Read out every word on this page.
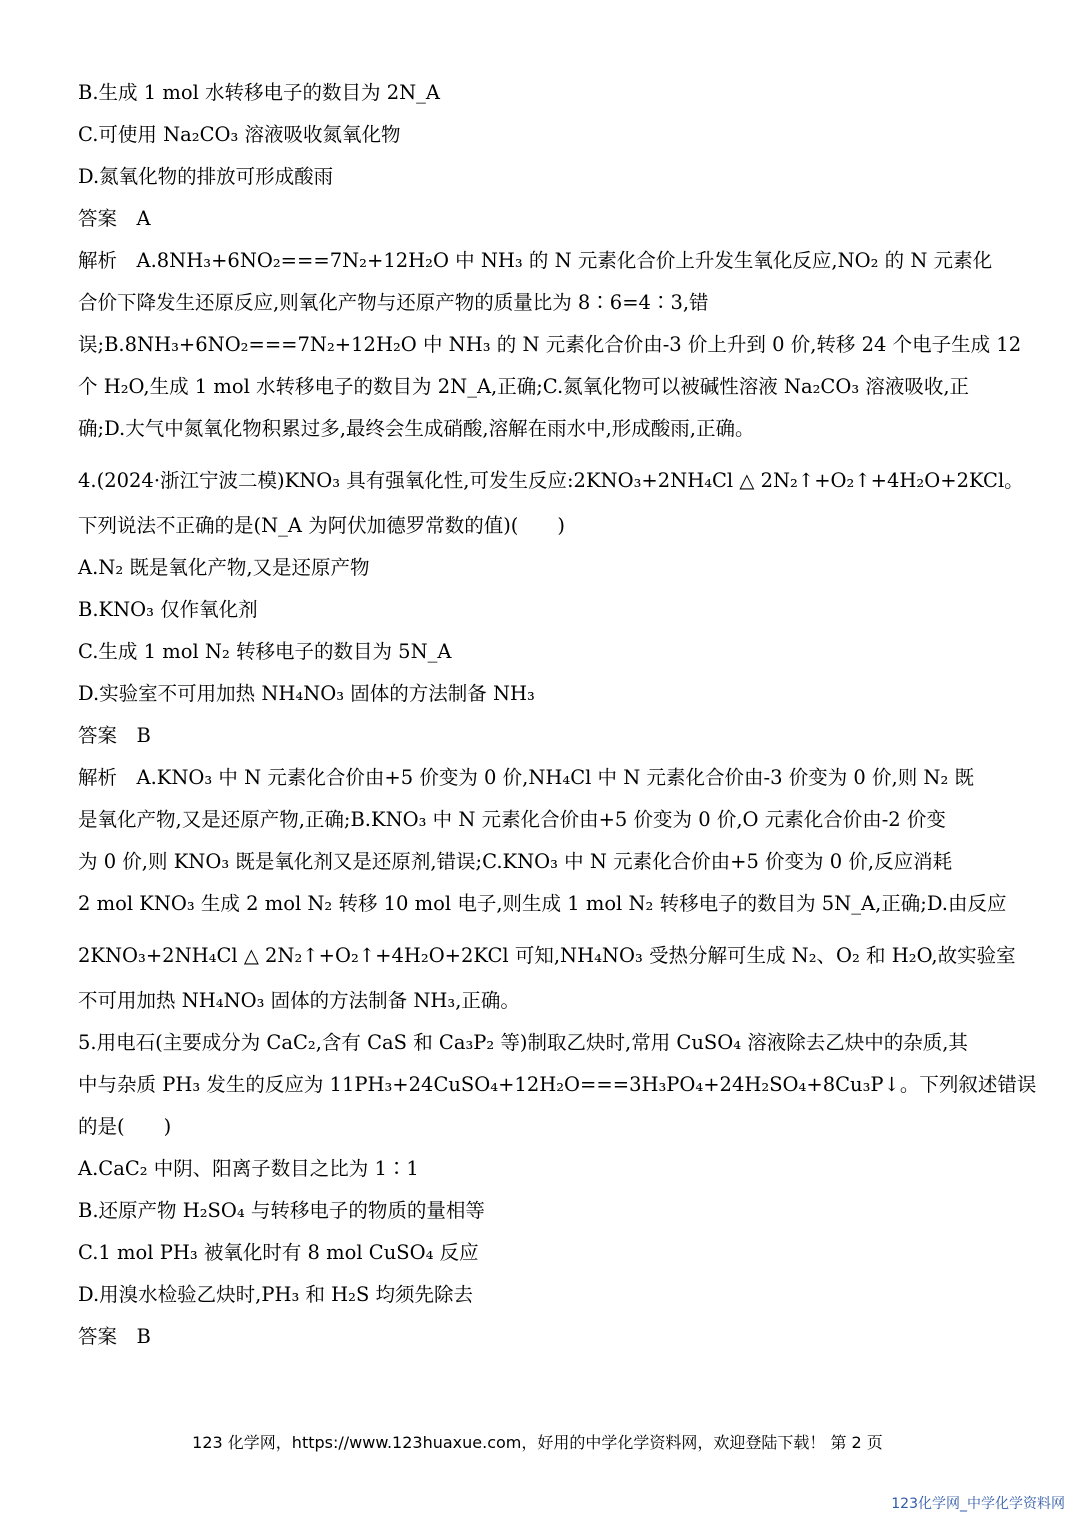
B.生成 1 mol 水转移电子的数目为 2N_A
C.可使用 Na₂CO₃ 溶液吸收氮氧化物
D.氮氧化物的排放可形成酸雨
答案　A
解析　A.8NH₃+6NO₂===7N₂+12H₂O 中 NH₃ 的 N 元素化合价上升发生氧化反应,NO₂ 的 N 元素化
合价下降发生还原反应,则氧化产物与还原产物的质量比为 8∶6=4∶3,错
误;B.8NH₃+6NO₂===7N₂+12H₂O 中 NH₃ 的 N 元素化合价由-3 价上升到 0 价,转移 24 个电子生成 12
个 H₂O,生成 1 mol 水转移电子的数目为 2N_A,正确;C.氮氧化物可以被碱性溶液 Na₂CO₃ 溶液吸收,正
确;D.大气中氮氧化物积累过多,最终会生成硝酸,溶解在雨水中,形成酸雨,正确。
4.(2024·浙江宁波二模)KNO₃ 具有强氧化性,可发生反应:2KNO₃+2NH₄Cl △ 2N₂↑+O₂↑+4H₂O+2KCl。
下列说法不正确的是(N_A 为阿伏加德罗常数的值)(　　)
A.N₂ 既是氧化产物,又是还原产物
B.KNO₃ 仅作氧化剂
C.生成 1 mol N₂ 转移电子的数目为 5N_A
D.实验室不可用加热 NH₄NO₃ 固体的方法制备 NH₃
答案　B
解析　A.KNO₃ 中 N 元素化合价由+5 价变为 0 价,NH₄Cl 中 N 元素化合价由-3 价变为 0 价,则 N₂ 既
是氧化产物,又是还原产物,正确;B.KNO₃ 中 N 元素化合价由+5 价变为 0 价,O 元素化合价由-2 价变
为 0 价,则 KNO₃ 既是氧化剂又是还原剂,错误;C.KNO₃ 中 N 元素化合价由+5 价变为 0 价,反应消耗
2 mol KNO₃ 生成 2 mol N₂ 转移 10 mol 电子,则生成 1 mol N₂ 转移电子的数目为 5N_A,正确;D.由反应
2KNO₃+2NH₄Cl △ 2N₂↑+O₂↑+4H₂O+2KCl 可知,NH₄NO₃ 受热分解可生成 N₂、O₂ 和 H₂O,故实验室
不可用加热 NH₄NO₃ 固体的方法制备 NH₃,正确。
5.用电石(主要成分为 CaC₂,含有 CaS 和 Ca₃P₂ 等)制取乙炔时,常用 CuSO₄ 溶液除去乙炔中的杂质,其
中与杂质 PH₃ 发生的反应为 11PH₃+24CuSO₄+12H₂O===3H₃PO₄+24H₂SO₄+8Cu₃P↓。下列叙述错误
的是(　　)
A.CaC₂ 中阴、阳离子数目之比为 1∶1
B.还原产物 H₂SO₄ 与转移电子的物质的量相等
C.1 mol PH₃ 被氧化时有 8 mol CuSO₄ 反应
D.用溴水检验乙炔时,PH₃ 和 H₂S 均须先除去
答案　B
123 化学网，https://www.123huaxue.com，好用的中学化学资料网，欢迎登陆下载！ 第 2 页
123化学网_中学化学资料网
